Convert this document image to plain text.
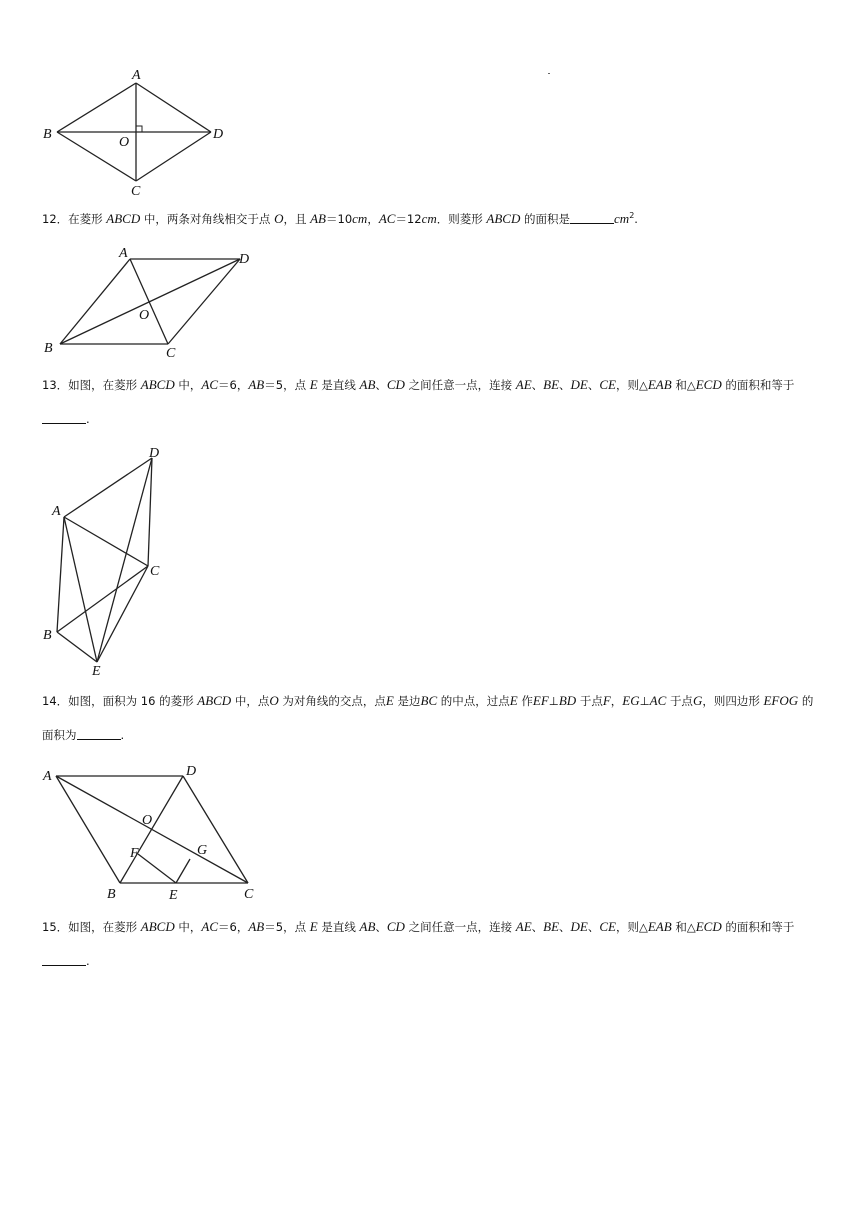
A
B
C
D
O
12．在菱形 ABCD 中，两条对角线相交于点 O，且 AB＝10cm，AC＝12cm．则菱形 ABCD 的面积是	$cm^2$.
A
B	C
D
O
13．如图，在菱形 ABCD 中，AC＝6，AB＝5，点 E 是直线 AB、CD 之间任意一点，连接 AE、BE、DE、CE，则△EAB 和△ECD 的面积和等于.
A
B
C
D
E
14．如图，面积为 16 的菱形 ABCD 中，点O 为对角线的交点，点E 是边BC 的中点，过点E 作EF⊥BD 于点F，EG⊥AC 于点G，则四边形 EFOG 的面积为	.
A
B	C
D
O
F	G
E
15．如图，在菱形 ABCD 中，AC＝6，AB＝5，点 E 是直线 AB、CD 之间任意一点，连接 AE、BE、DE、CE，则△EAB 和△ECD 的面积和等于.
